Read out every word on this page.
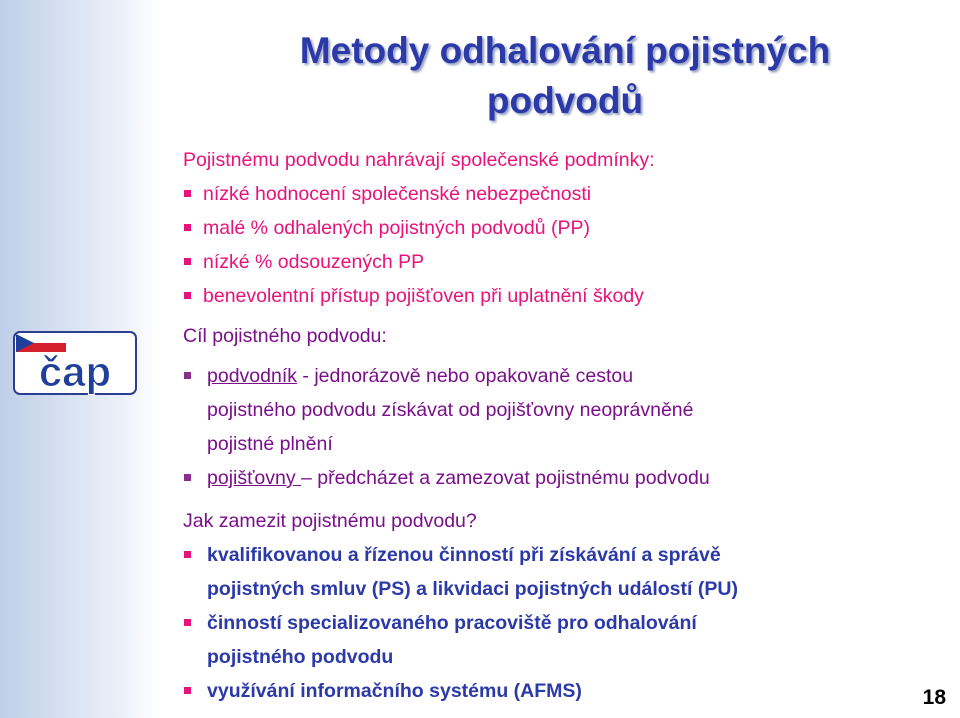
čap
Metody odhalování pojistných
podvodů
Pojistnému podvodu nahrávají společenské podmínky:
nízké hodnocení společenské nebezpečnosti
malé % odhalených pojistných podvodů (PP)
nízké % odsouzených PP
benevolentní přístup pojišťoven při uplatnění škody
Cíl pojistného podvodu:
podvodník - jednorázově nebo opakovaně cestou
pojistného podvodu získávat od pojišťovny neoprávněné
pojistné plnění
pojišťovny – předcházet a zamezovat pojistnému podvodu
Jak zamezit pojistnému podvodu?
kvalifikovanou a řízenou činností při získávání a správě
pojistných smluv (PS) a likvidaci pojistných událostí (PU)
činností specializovaného pracoviště pro odhalování
pojistného podvodu
využívání informačního systému (AFMS)	18
